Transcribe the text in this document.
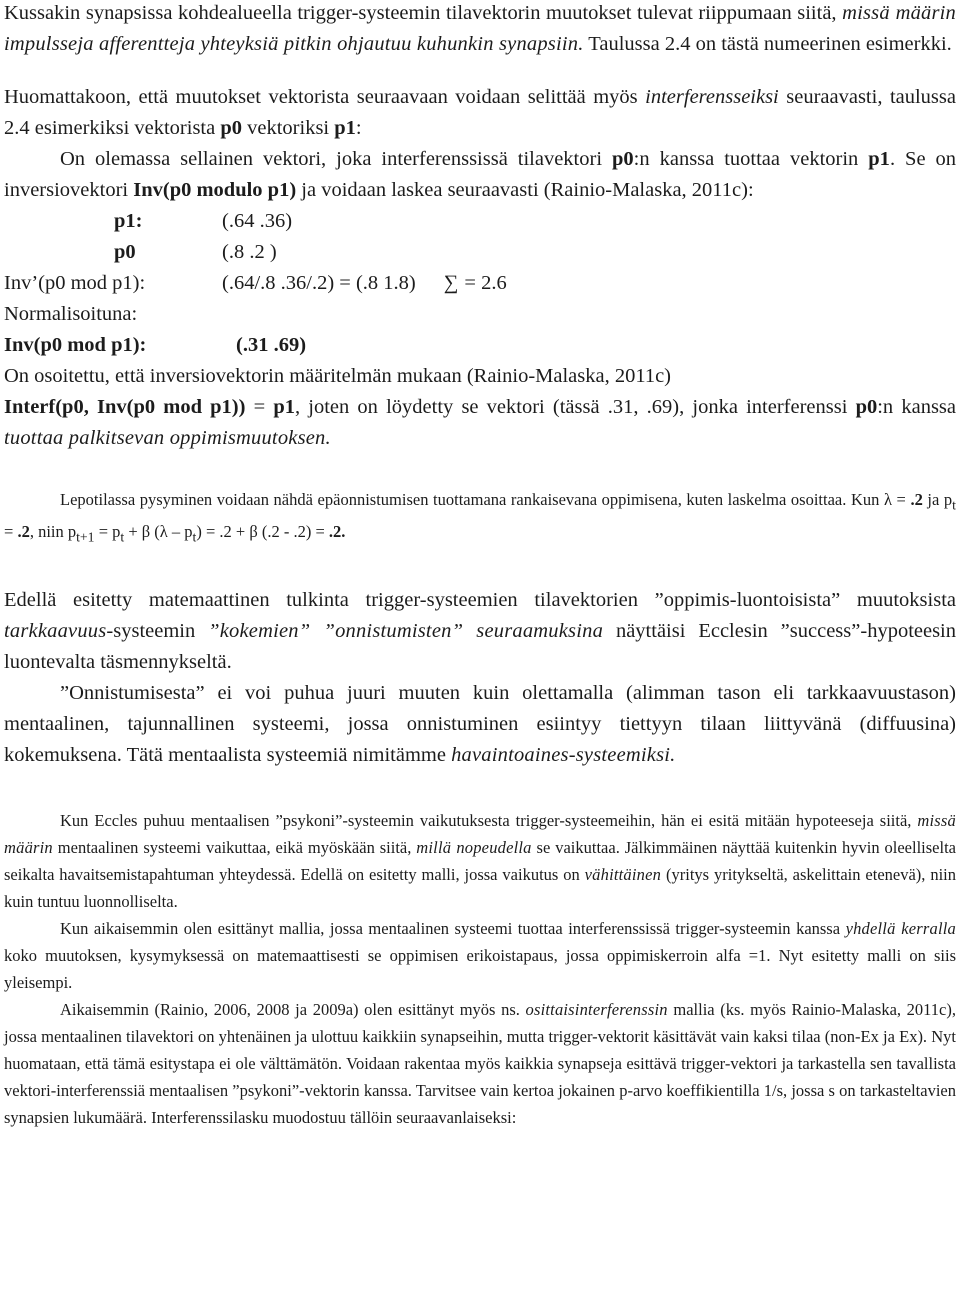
Kussakin synapsissa kohdealueella trigger-systeemin tilavektorin muutokset tulevat riippumaan siitä, missä määrin impulsseja afferentteja yhteyksiä pitkin ohjautuu kuhunkin synapsiin. Taulussa 2.4 on tästä numeerinen esimerkki.

Huomattakoon, että muutokset vektorista seuraavaan voidaan selittää myös interferensseiksi seuraavasti, taulussa 2.4 esimerkiksi vektorista p0 vektoriksi p1:

On olemassa sellainen vektori, joka interferenssissä tilavektori p0:n kanssa tuottaa vektorin p1. Se on inversiovektori Inv(p0 modulo p1) ja voidaan laskea seuraavasti (Rainio-Malaska, 2011c):

p1:	(.64 .36)
p0	(.8 .2 )
Inv’(p0 mod p1):	(.64/.8 .36/.2) = (.8 1.8) ∑ = 2.6
Normalisoituna:
Inv(p0 mod p1):	(.31 .69)

On osoitettu, että inversiovektorin määritelmän mukaan (Rainio-Malaska, 2011c)

Interf(p0, Inv(p0 mod p1)) = p1, joten on löydetty se vektori (tässä .31, .69), jonka interferenssi p0:n kanssa tuottaa palkitsevan oppimismuutoksen.

Lepotilassa pysyminen voidaan nähdä epäonnistumisen tuottamana rankaisevana oppimisena, kuten laskelma osoittaa. Kun λ = .2 ja $p_t = .2$, niin $p_{t+1} = p_t + \beta$ $(\lambda - p_t) = .2 + \beta$ (.2 - .2) = .2.

Edellä esitetty matemaattinen tulkinta trigger-systeemien tilavektorien ”oppimis-luontoisista” muutoksista tarkkaavuus-systeemin ”kokemien” ”onnistumisten” seuraamuksina näyttäisi Ecclesin ”success”-hypoteesin luontevalta täsmennykseltä.

”Onnistumisesta” ei voi puhua juuri muuten kuin olettamalla (alimman tason eli tarkkaavuustason) mentaalinen, tajunnallinen systeemi, jossa onnistuminen esiintyy tiettyyn tilaan liittyvänä (diffuusina) kokemuksena. Tätä mentaalista systeemiä nimitämme havaintoaines-systeemiksi.

Kun Eccles puhuu mentaalisen ”psykoni”-systeemin vaikutuksesta trigger-systeemeihin, hän ei esitä mitään hypoteeseja siitä, missä määrin mentaalinen systeemi vaikuttaa, eikä myöskään siitä, millä nopeudella se vaikuttaa. Jälkimmäinen näyttää kuitenkin hyvin oleelliselta seikalta havaitsemistapahtuman yhteydessä. Edellä on esitetty malli, jossa vaikutus on vähittäinen (yritys yritykseltä, askelittain etenevä), niin kuin tuntuu luonnolliselta.

Kun aikaisemmin olen esittänyt mallia, jossa mentaalinen systeemi tuottaa interferenssissä trigger-systeemin kanssa yhdellä kerralla koko muutoksen, kysymyksessä on matemaattisesti se oppimisen erikoistapaus, jossa oppimiskerroin alfa =1. Nyt esitetty malli on siis yleisempi.

Aikaisemmin (Rainio, 2006, 2008 ja 2009a) olen esittänyt myös ns. osittaisinterferenssin mallia (ks. myös Rainio-Malaska, 2011c), jossa mentaalinen tilavektori on yhtenäinen ja ulottuu kaikkiin synapseihin, mutta trigger-vektorit käsittävät vain kaksi tilaa (non-Ex ja Ex). Nyt huomataan, että tämä esitystapa ei ole välttämätön. Voidaan rakentaa myös kaikkia synapseja esittävä trigger-vektori ja tarkastella sen tavallista vektori-interferenssiä mentaalisen ”psykoni”-vektorin kanssa. Tarvitsee vain kertoa jokainen p-arvo koeffikientilla 1/s, jossa s on tarkasteltavien synapsien lukumäärä. Interferenssilasku muodostuu tällöin seuraavanlaiseksi:
